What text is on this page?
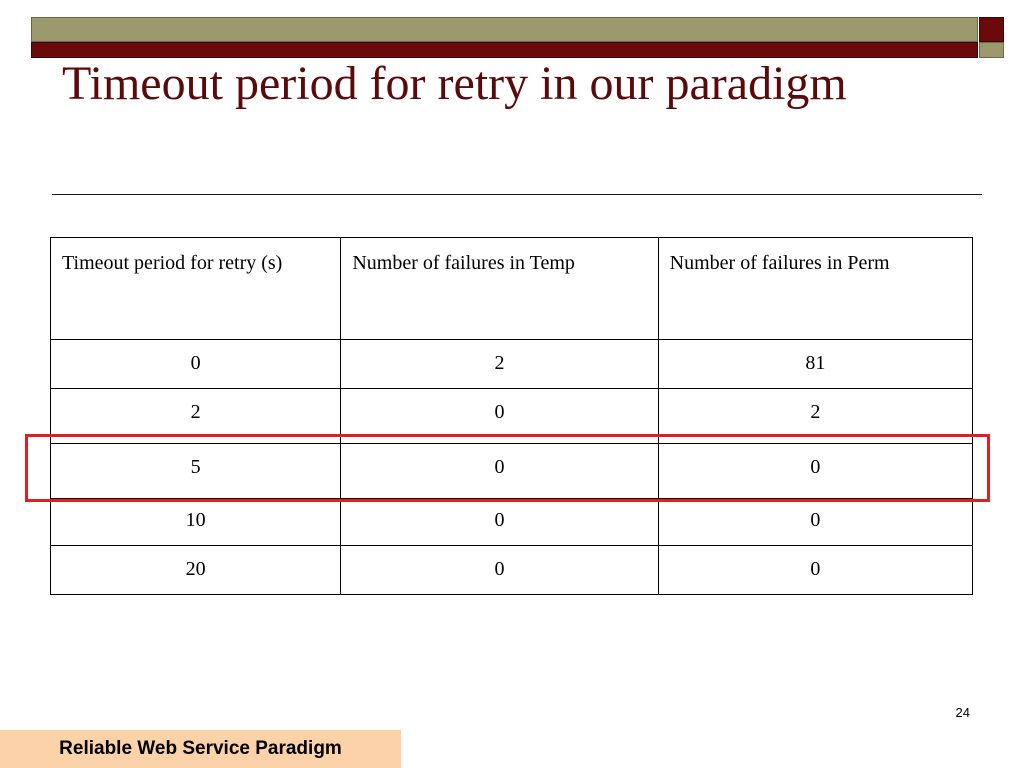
Timeout period for retry in our paradigm
Timeout period for retry (s)	Number of failures in Temp	Number of failures in Perm
0	2	81
2	0	2
5	0	0
10	0	0
20	0	0
24
Reliable Web Service Paradigm
